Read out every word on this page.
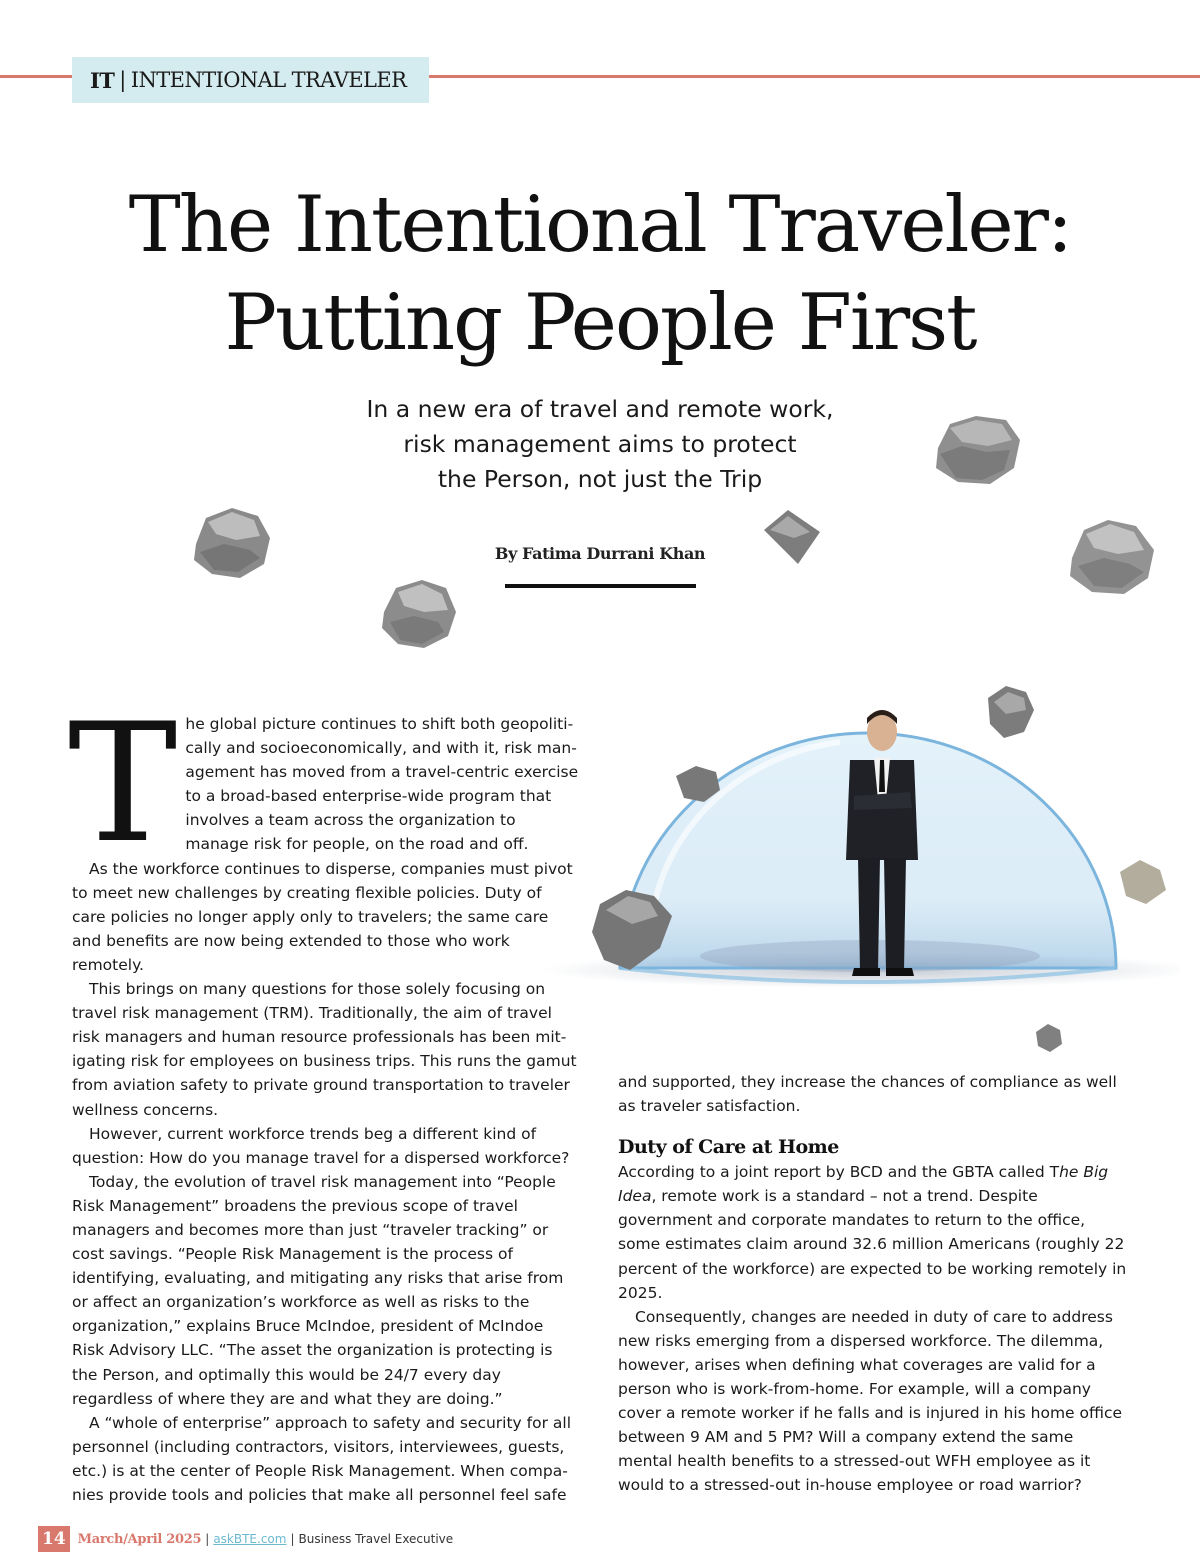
IT | INTENTIONAL TRAVELER
The Intentional Traveler:
Putting People First
In a new era of travel and remote work,
risk management aims to protect
the Person, not just the Trip
By Fatima Durrani Khan
T he global picture continues to shift both geopolitically and socioeconomically, and with it, risk management has moved from a travel-centric exercise to a broad-based enterprise-wide program that involves a team across the organization to manage risk for people, on the road and off.

As the workforce continues to disperse, companies must pivot to meet new challenges by creating flexible policies. Duty of care policies no longer apply only to travelers; the same care and benefits are now being extended to those who work remotely.

This brings on many questions for those solely focusing on travel risk management (TRM). Traditionally, the aim of travel risk managers and human resource professionals has been mitigating risk for employees on business trips. This runs the gamut from aviation safety to private ground transportation to traveler wellness concerns.

However, current workforce trends beg a different kind of question: How do you manage travel for a dispersed workforce?

Today, the evolution of travel risk management into “People Risk Management” broadens the previous scope of travel managers and becomes more than just “traveler tracking” or cost savings. “People Risk Management is the process of identifying, evaluating, and mitigating any risks that arise from or affect an organization’s workforce as well as risks to the organization,” explains Bruce McIndoe, president of McIndoe Risk Advisory LLC. “The asset the organization is protecting is the Person, and optimally this would be 24/7 every day regardless of where they are and what they are doing.”

A “whole of enterprise” approach to safety and security for all personnel (including contractors, visitors, interviewees, guests, etc.) is at the center of People Risk Management. When companies provide tools and policies that make all personnel feel safe

and supported, they increase the chances of compliance as well as traveler satisfaction.

Duty of Care at Home

According to a joint report by BCD and the GBTA called The Big Idea, remote work is a standard – not a trend. Despite government and corporate mandates to return to the office, some estimates claim around 32.6 million Americans (roughly 22 percent of the workforce) are expected to be working remotely in 2025.

Consequently, changes are needed in duty of care to address new risks emerging from a dispersed workforce. The dilemma, however, arises when defining what coverages are valid for a person who is work-from-home. For example, will a company cover a remote worker if he falls and is injured in his home office between 9 AM and 5 PM? Will a company extend the same mental health benefits to a stressed-out WFH employee as it would to a stressed-out in-house employee or road warrior?

14 March/April 2025 | askBTE.com | Business Travel Executive
